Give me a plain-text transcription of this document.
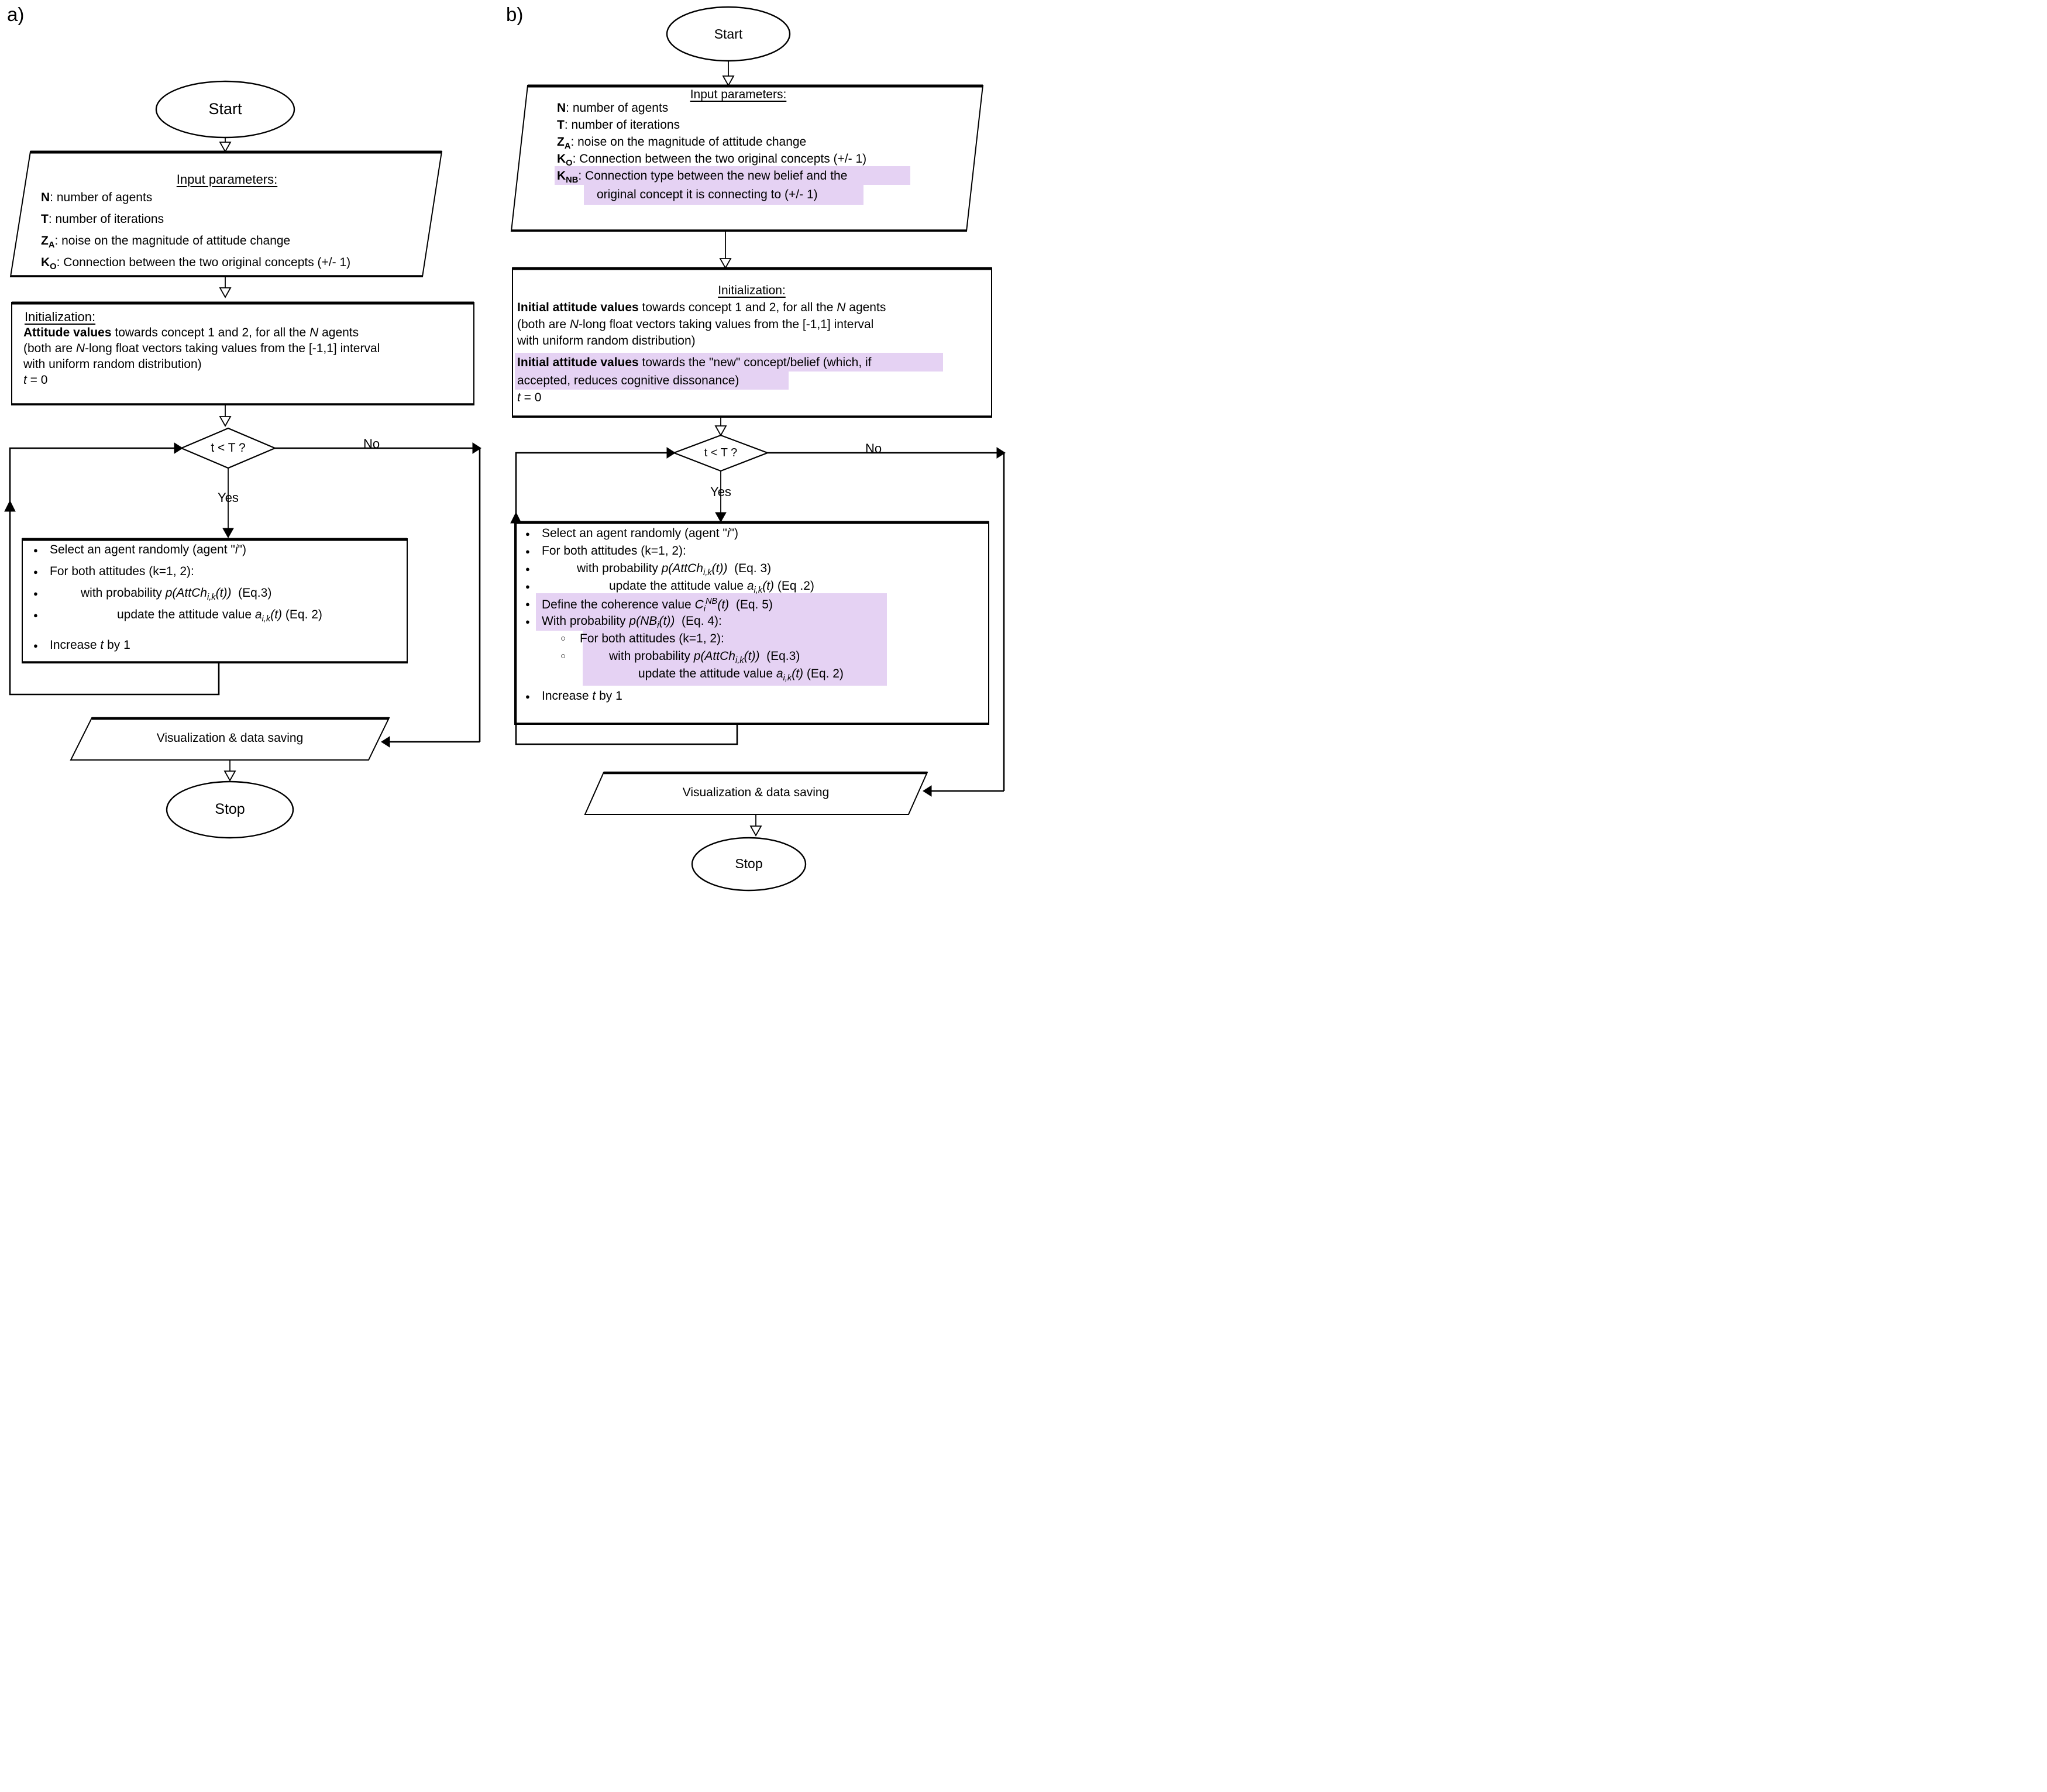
a)
Start
Input parameters:
N: number of agents
T: number of iterations
$Z_A$: noise on the magnitude of attitude change
$K_O$: Connection between the two original concepts (+/- 1)
Initialization:
Attitude values towards concept 1 and 2, for all the N agents
(both are N-long float vectors taking values from the [-1,1] interval
with uniform random distribution)
t = 0
t < T ?	No
Yes
● Select an agent randomly (agent "i")
● For both attitudes (k=1, 2):
●	with probability p(AttCh$_{i,k}$(t))  (Eq.3)
●	update the attitude value $a_{i,k}(t)$ (Eq. 2)
● Increase t by 1
Visualization & data saving
Stop
b)
Start
Input parameters:
N: number of agents
T: number of iterations
$Z_A$: noise on the magnitude of attitude change
$K_O$: Connection between the two original concepts (+/- 1)
$K_{NB}$: Connection type between the new belief and the
original concept it is connecting to (+/- 1)
Initialization:
Initial attitude values towards concept 1 and 2, for all the N agents
(both are N-long float vectors taking values from the [-1,1] interval
with uniform random distribution)
Initial attitude values towards the "new" concept/belief (which, if
accepted, reduces cognitive dissonance)
t = 0
t < T ?	No
Yes
● Select an agent randomly (agent "i")
● For both attitudes (k=1, 2):
●	with probability p(AttCh$_{i,k}$(t))  (Eq. 3)
●	update the attitude value $a_{i,k}(t)$ (Eq .2)
● Define the coherence value $C_i^{NB}(t)$  (Eq. 5)
● With probability $p(NB_i(t))$  (Eq. 4):
○ For both attitudes (k=1, 2):
○	with probability p(AttCh$_{i,k}$(t))  (Eq.3)
update the attitude value $a_{i,k}(t)$ (Eq. 2)
● Increase t by 1
Visualization & data saving
Stop
